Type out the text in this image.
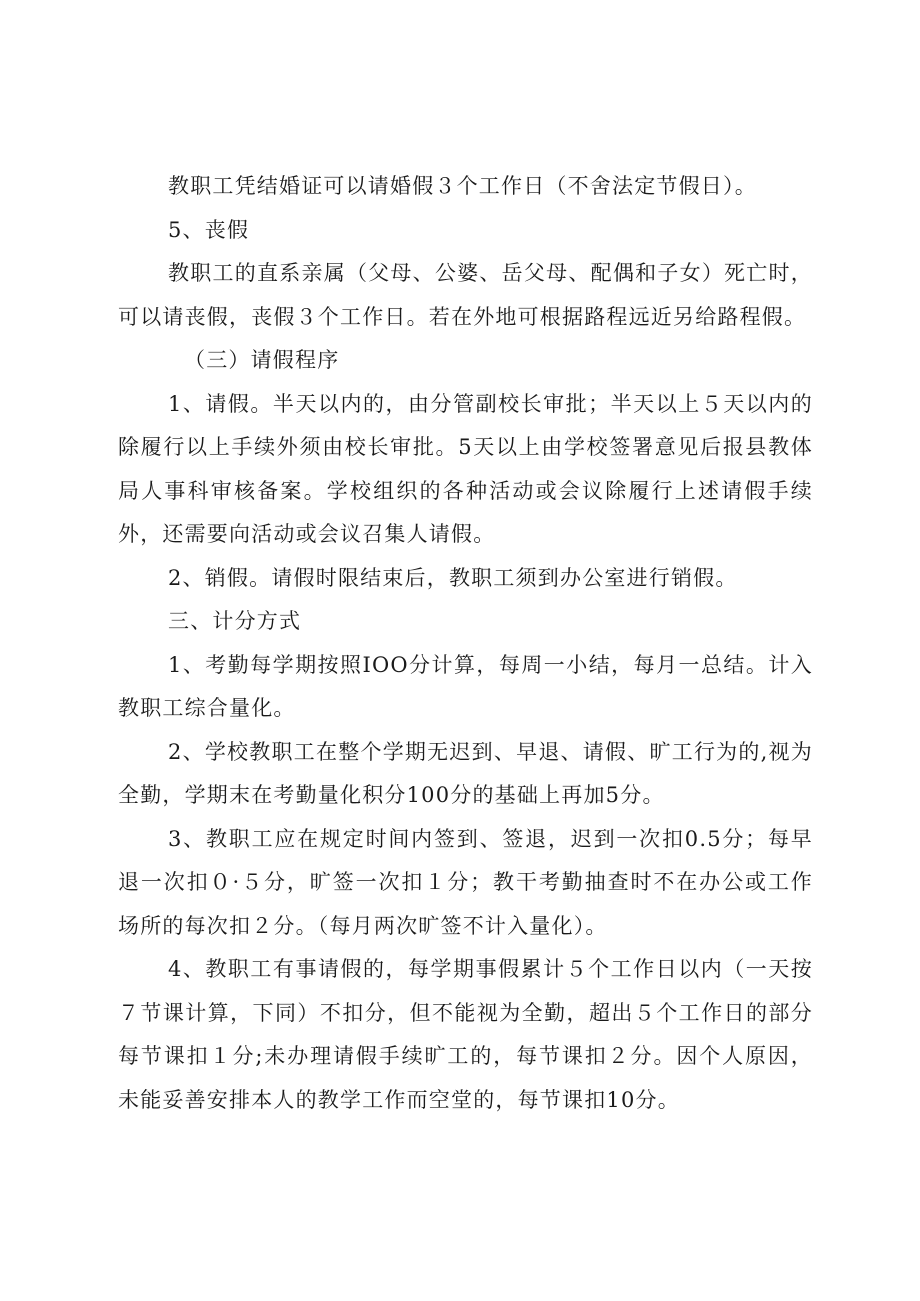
教职工凭结婚证可以请婚假３个工作日（不舍法定节假日）。

5、丧假

教职工的直系亲属（父母、公婆、岳父母、配偶和子女）死亡时，可以请丧假，丧假３个工作日。若在外地可根据路程远近另给路程假。

（三）请假程序

1、请假。半天以内的，由分管副校长审批；半天以上５天以内的除履行以上手续外须由校长审批。5天以上由学校签署意见后报县教体局人事科审核备案。学校组织的各种活动或会议除履行上述请假手续外，还需要向活动或会议召集人请假。

2、销假。请假时限结束后，教职工须到办公室进行销假。

三、计分方式

1、考勤每学期按照IOO分计算，每周一小结，每月一总结。计入教职工综合量化。

2、学校教职工在整个学期无迟到、早退、请假、旷工行为的,视为全勤，学期末在考勤量化积分100分的基础上再加5分。

3、教职工应在规定时间内签到、签退，迟到一次扣0.5分；每早退一次扣０·５分，旷签一次扣１分；教干考勤抽查时不在办公或工作场所的每次扣２分。（每月两次旷签不计入量化）。

4、教职工有事请假的，每学期事假累计５个工作日以内（一天按７节课计算，下同）不扣分，但不能视为全勤，超出５个工作日的部分每节课扣１分;未办理请假手续旷工的，每节课扣２分。因个人原因，未能妥善安排本人的教学工作而空堂的，每节课扣10分。
